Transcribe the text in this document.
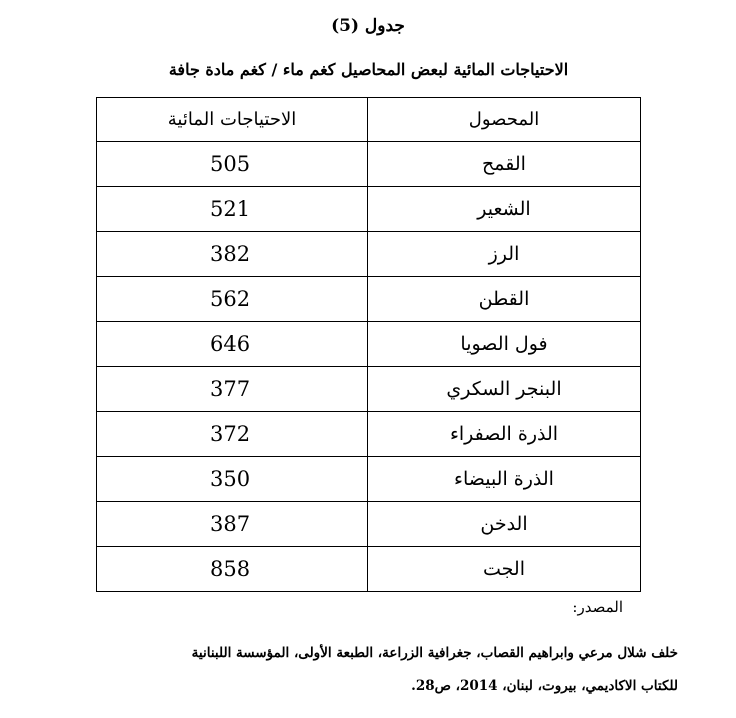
جدول (5)
الاحتياجات المائية لبعض المحاصيل كغم ماء / كغم مادة جافة
المحصول	الاحتياجات المائية
القمح	505
الشعير	521
الرز	382
القطن	562
فول الصويا	646
البنجر السكري	377
الذرة الصفراء	372
الذرة البيضاء	350
الدخن	387
الجت	858
المصدر:
خلف شلال مرعي وابراهيم القصاب، جغرافية الزراعة، الطبعة الأولى، المؤسسة اللبنانية
للكتاب الاكاديمي، بيروت، لبنان، 2014، ص28.
